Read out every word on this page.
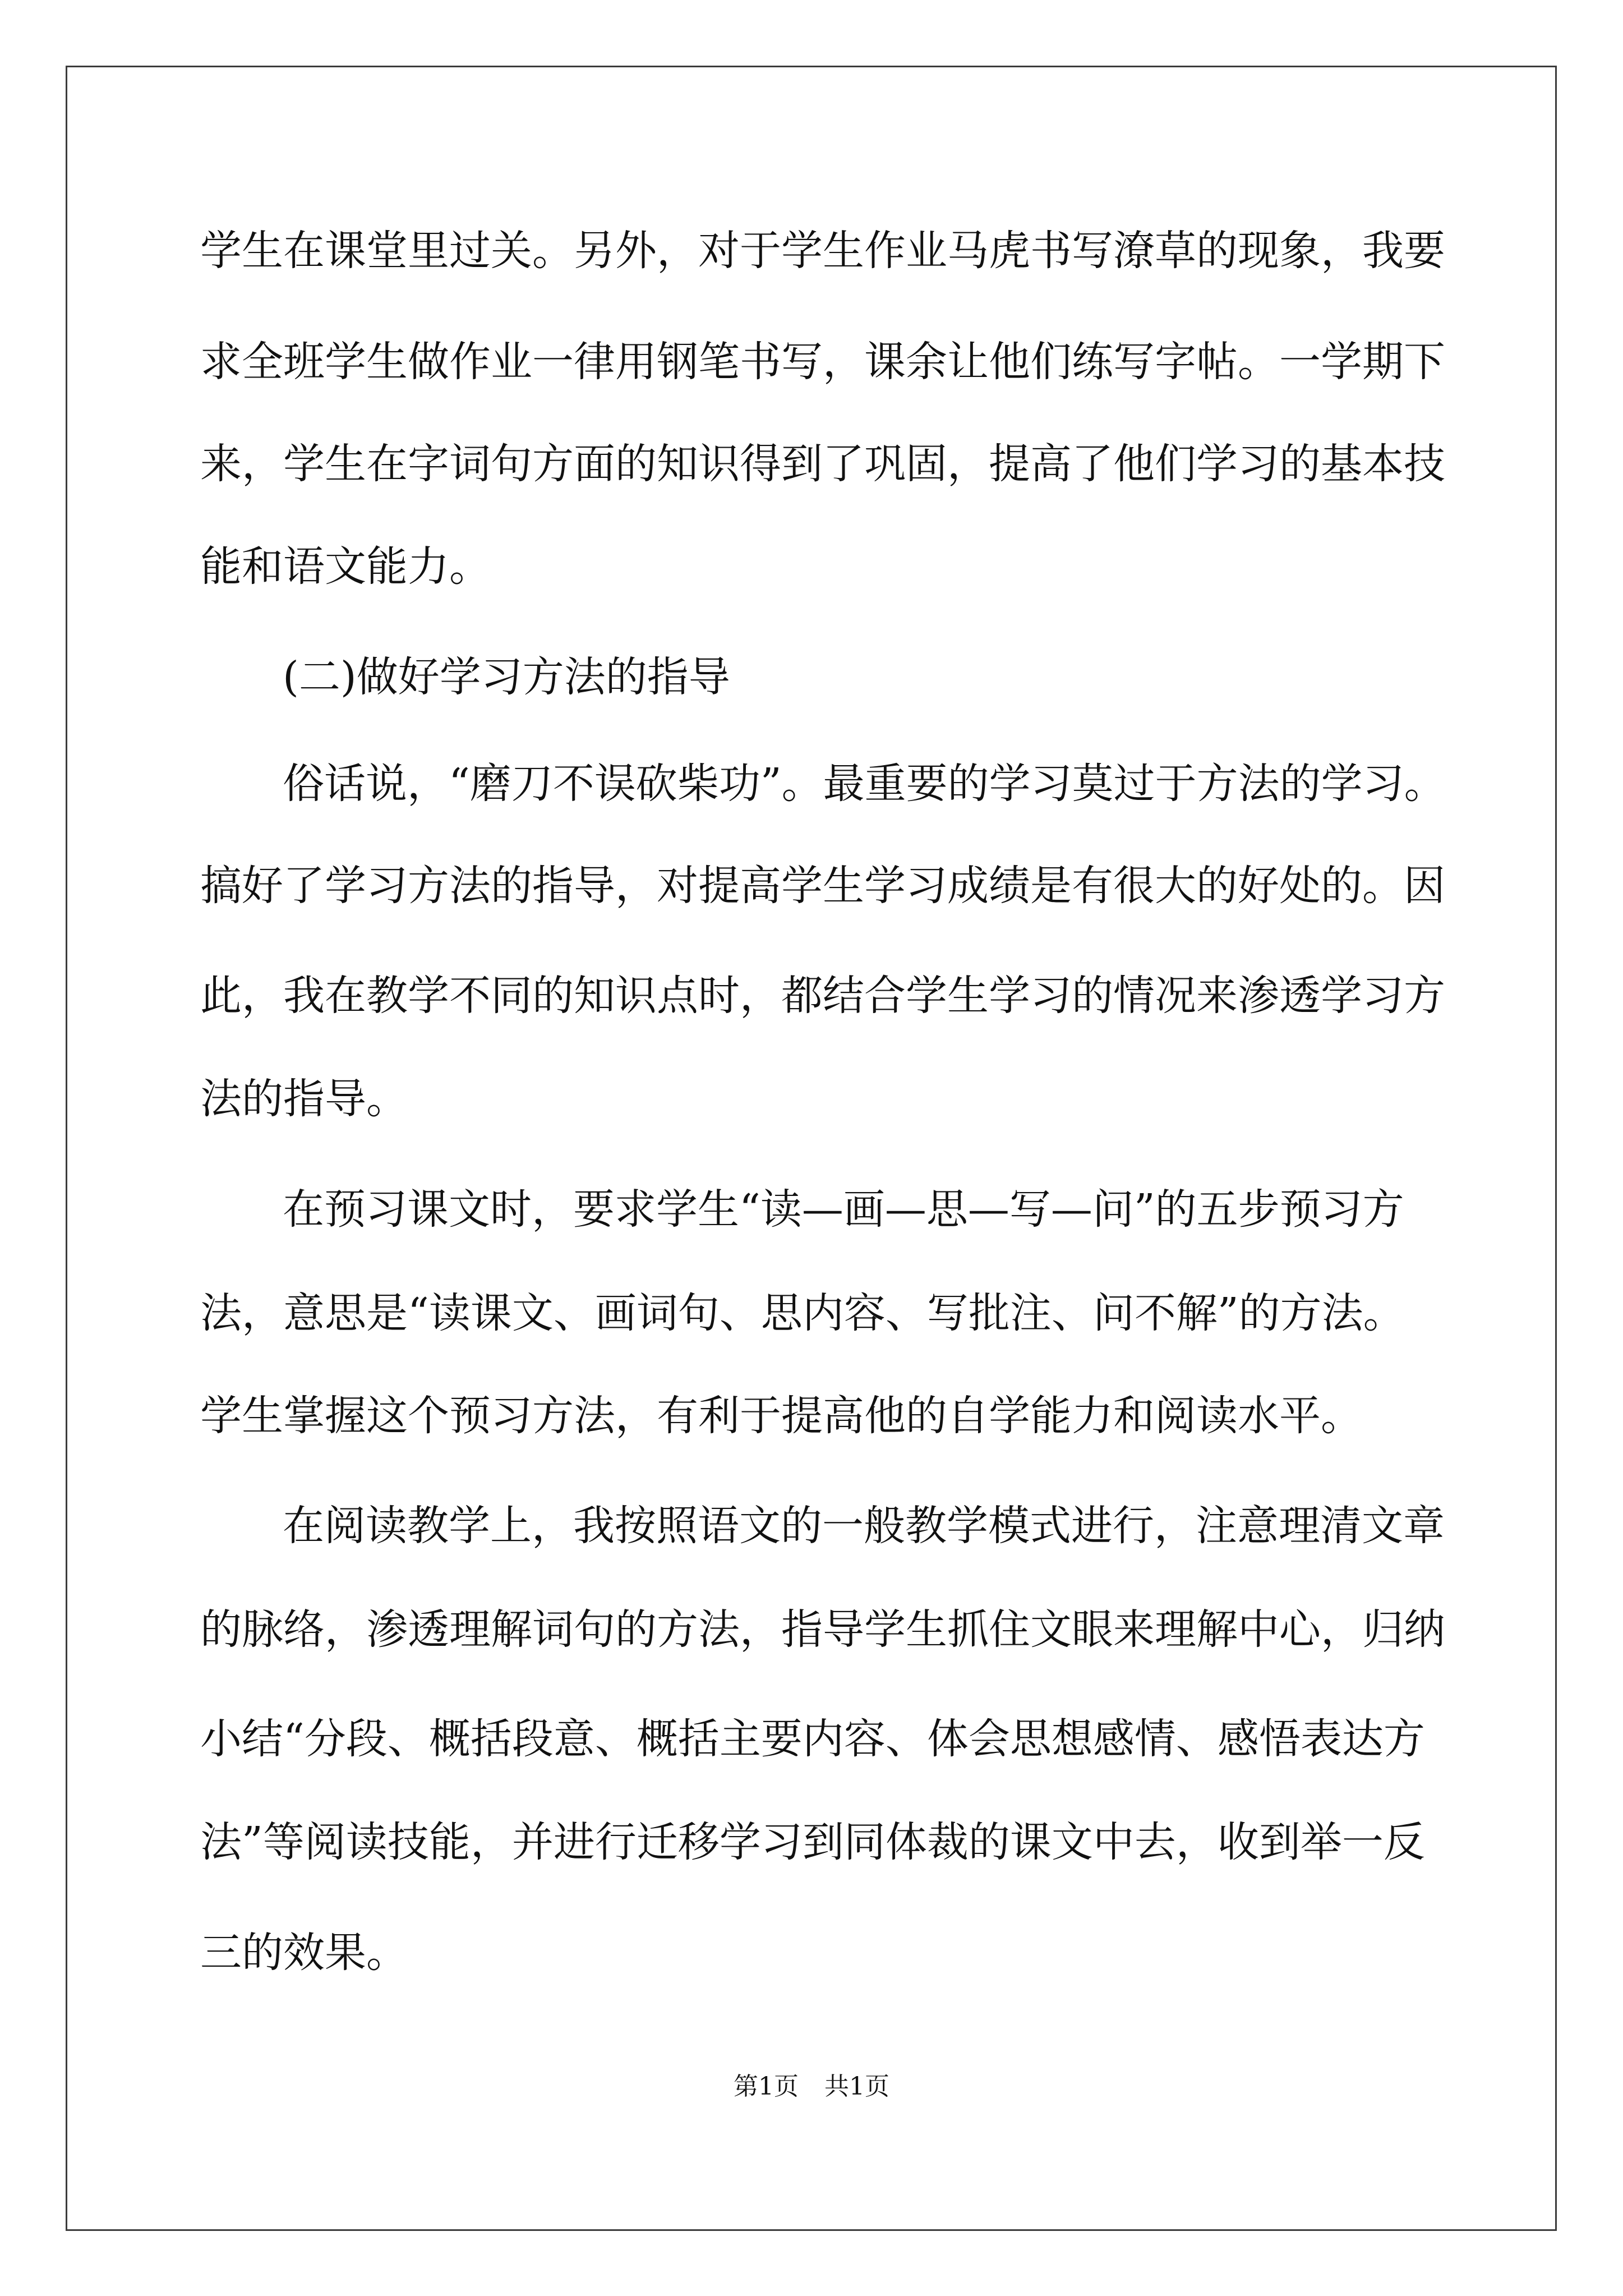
学生在课堂里过关。另外，对于学生作业马虎书写潦草的现象，我要

求全班学生做作业一律用钢笔书写，课余让他们练写字帖。一学期下

来，学生在字词句方面的知识得到了巩固，提高了他们学习的基本技

能和语文能力。

(二)做好学习方法的指导

俗话说，“磨刀不误砍柴功”。最重要的学习莫过于方法的学习。

搞好了学习方法的指导，对提高学生学习成绩是有很大的好处的。因

此，我在教学不同的知识点时，都结合学生学习的情况来渗透学习方

法的指导。

在预习课文时，要求学生“读—画—思—写—问”的五步预习方

法，意思是“读课文、画词句、思内容、写批注、问不解”的方法。

学生掌握这个预习方法，有利于提高他的自学能力和阅读水平。

在阅读教学上，我按照语文的一般教学模式进行，注意理清文章

的脉络，渗透理解词句的方法，指导学生抓住文眼来理解中心，归纳

小结“分段、概括段意、概括主要内容、体会思想感情、感悟表达方

法”等阅读技能，并进行迁移学习到同体裁的课文中去，收到举一反

三的效果。

第1页 共1页
